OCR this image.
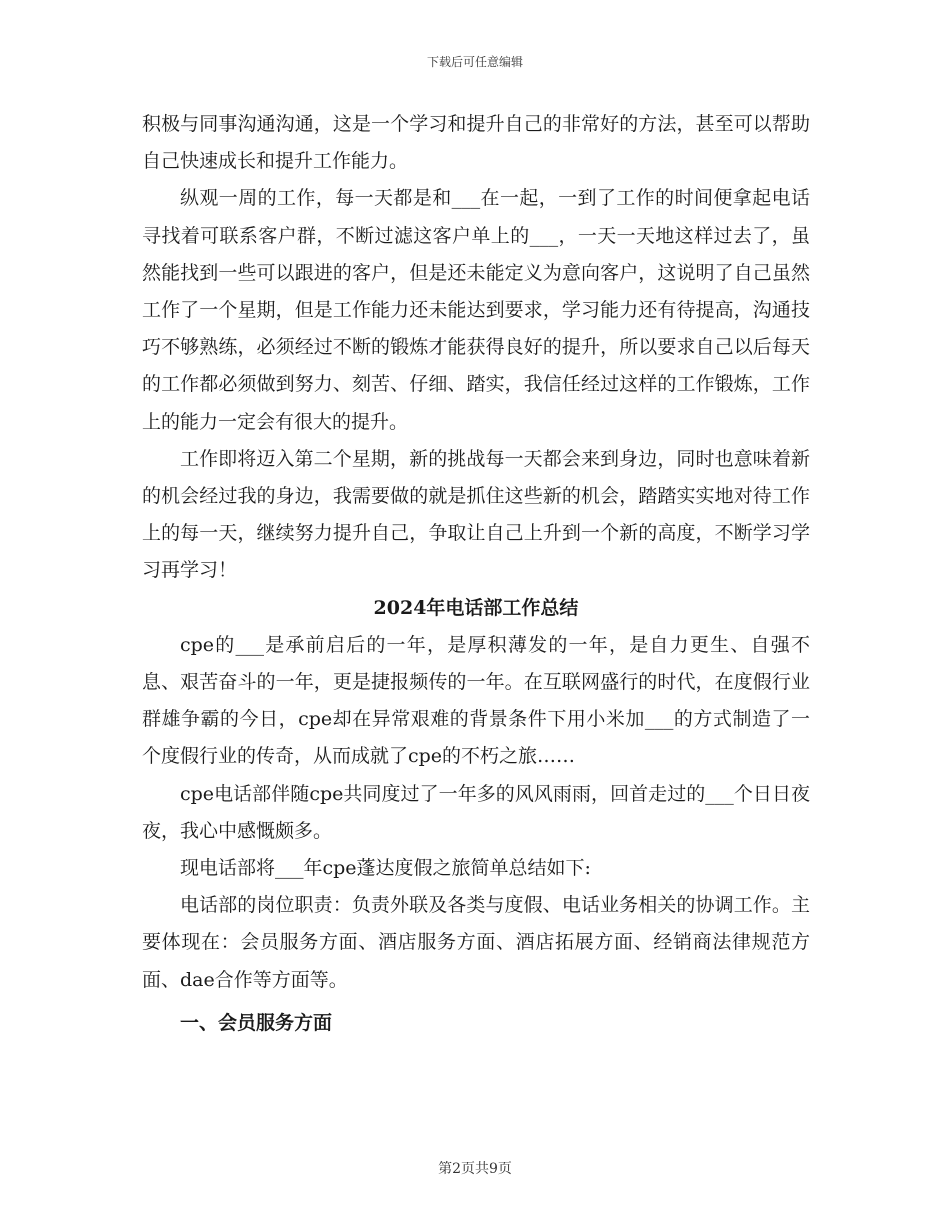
下载后可任意编辑

积极与同事沟通沟通，这是一个学习和提升自己的非常好的方法，甚至可以帮助自己快速成长和提升工作能力。

纵观一周的工作，每一天都是和___在一起，一到了工作的时间便拿起电话寻找着可联系客户群，不断过滤这客户单上的___，一天一天地这样过去了，虽然能找到一些可以跟进的客户，但是还未能定义为意向客户，这说明了自己虽然工作了一个星期，但是工作能力还未能达到要求，学习能力还有待提高，沟通技巧不够熟练，必须经过不断的锻炼才能获得良好的提升，所以要求自己以后每天的工作都必须做到努力、刻苦、仔细、踏实，我信任经过这样的工作锻炼，工作上的能力一定会有很大的提升。

工作即将迈入第二个星期，新的挑战每一天都会来到身边，同时也意味着新的机会经过我的身边，我需要做的就是抓住这些新的机会，踏踏实实地对待工作上的每一天，继续努力提升自己，争取让自己上升到一个新的高度，不断学习学习再学习！

2024年电话部工作总结

cpe的___是承前启后的一年，是厚积薄发的一年，是自力更生、自强不息、艰苦奋斗的一年，更是捷报频传的一年。在互联网盛行的时代，在度假行业群雄争霸的今日，cpe却在异常艰难的背景条件下用小米加___的方式制造了一个度假行业的传奇，从而成就了cpe的不朽之旅……

cpe电话部伴随cpe共同度过了一年多的风风雨雨，回首走过的___个日日夜夜，我心中感慨颇多。

现电话部将___年cpe蓬达度假之旅简单总结如下:

电话部的岗位职责：负责外联及各类与度假、电话业务相关的协调工作。主要体现在：会员服务方面、酒店服务方面、酒店拓展方面、经销商法律规范方面、dae合作等方面等。

一、会员服务方面

第2页共9页
